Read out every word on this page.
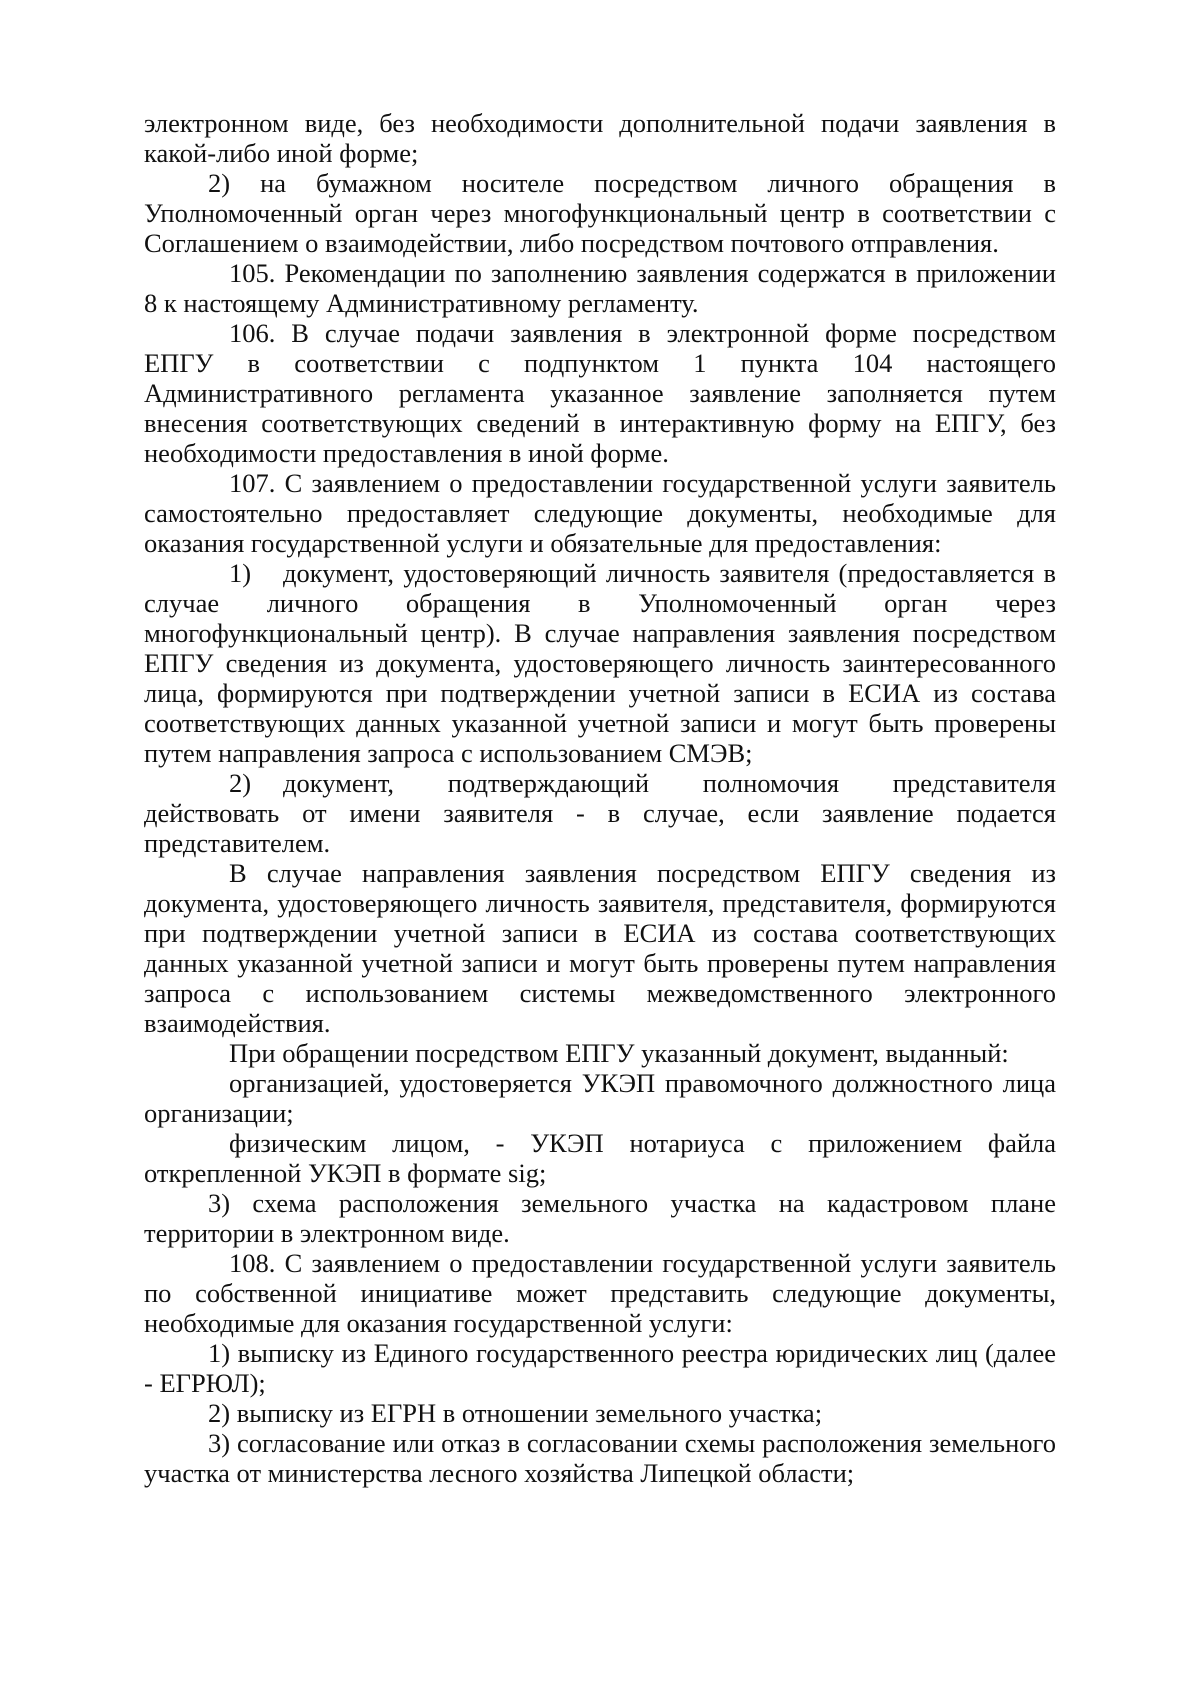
электронном виде, без необходимости дополнительной подачи заявления в какой-либо иной форме;

2) на бумажном носителе посредством личного обращения в Уполномоченный орган через многофункциональный центр в соответствии с Соглашением о взаимодействии, либо посредством почтового отправления.

105. Рекомендации по заполнению заявления содержатся в приложении 8 к настоящему Административному регламенту.

106. В случае подачи заявления в электронной форме посредством ЕПГУ в соответствии с подпунктом 1 пункта 104 настоящего Административного регламента указанное заявление заполняется путем внесения соответствующих сведений в интерактивную форму на ЕПГУ, без необходимости предоставления в иной форме.

107. С заявлением о предоставлении государственной услуги заявитель самостоятельно предоставляет следующие документы, необходимые для оказания государственной услуги и обязательные для предоставления:

1) документ, удостоверяющий личность заявителя (предоставляется в случае личного обращения в Уполномоченный орган через многофункциональный центр). В случае направления заявления посредством ЕПГУ сведения из документа, удостоверяющего личность заинтересованного лица, формируются при подтверждении учетной записи в ЕСИА из состава соответствующих данных указанной учетной записи и могут быть проверены путем направления запроса с использованием СМЭВ;

2) документ, подтверждающий полномочия представителя действовать от имени заявителя - в случае, если заявление подается представителем.

В случае направления заявления посредством ЕПГУ сведения из документа, удостоверяющего личность заявителя, представителя, формируются при подтверждении учетной записи в ЕСИА из состава соответствующих данных указанной учетной записи и могут быть проверены путем направления запроса с использованием системы межведомственного электронного взаимодействия.

При обращении посредством ЕПГУ указанный документ, выданный:

организацией, удостоверяется УКЭП правомочного должностного лица организации;

физическим лицом, - УКЭП нотариуса с приложением файла открепленной УКЭП в формате sig;

3) схема расположения земельного участка на кадастровом плане территории в электронном виде.

108. С заявлением о предоставлении государственной услуги заявитель по собственной инициативе может представить следующие документы, необходимые для оказания государственной услуги:

1) выписку из Единого государственного реестра юридических лиц (далее - ЕГРЮЛ);

2) выписку из ЕГРН в отношении земельного участка;

3) согласование или отказ в согласовании схемы расположения земельного участка от министерства лесного хозяйства Липецкой области;
